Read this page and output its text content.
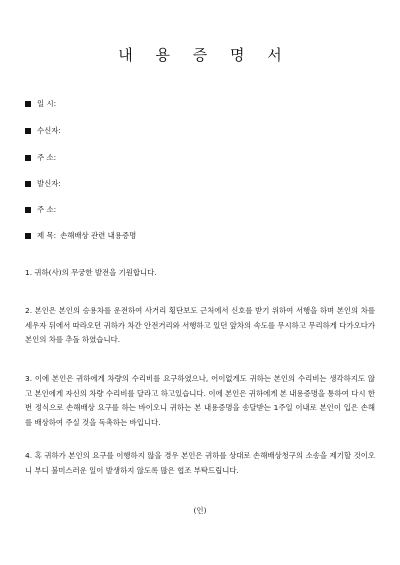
내 용 증 명 서
일 시:
수신자:
주 소:
발신자:
주 소:
제 목: 손해배상 관련 내용증명
1. 귀하(사)의 무궁한 발전을 기원합니다.
2. 본인은 본인의 승용차를 운전하여 사거리 횡단보도 근처에서 신호를 받기 위하여 서행을 하며 본인의 차를 세우자 뒤에서 따라오던 귀하가 차간 안전거리와 서행하고 있던 앞차의 속도를 무시하고 무리하게 다가오다가 본인의 차를 추돌 하였습니다.
3. 이에 본인은 귀하에게 차량의 수리비를 요구하였으나, 어이없게도 귀하는 본인의 수리비는 생각하지도 않고 본인에게 자신의 차량 수리비를 달라고 하고있습니다. 이에 본인은 귀하에게 본 내용증명을 통하여 다시 한번 정식으로 손해배상 요구를 하는 바이오니 귀하는 본 내용증명을 송달받는 1주일 이내로 본인이 입은 손해를 배상하여 주실 것을 독촉하는 바입니다.
4. 혹 귀하가 본인의 요구를 이행하지 않을 경우 본인은 귀하를 상대로 손해배상청구의 소송을 제기할 것이오니 부디 불미스러운 일이 발생하지 않도록 많은 협조 부탁드립니다.
(인)
